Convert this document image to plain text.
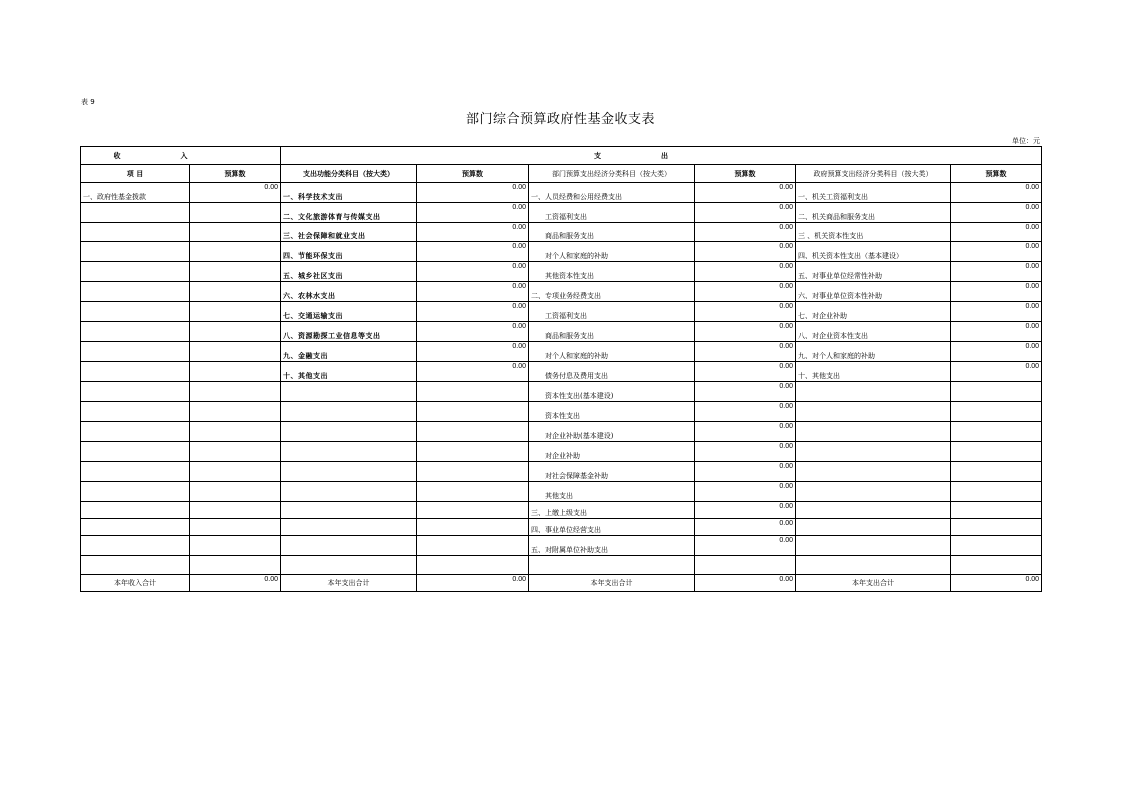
表 9
部门综合预算政府性基金收支表
单位：元
收入		支出					
项 目	预算数	支出功能分类科目（按大类）	预算数	部门预算支出经济分类科目（按大类）	预算数	政府预算支出经济分类科目（按大类）	预算数
一、政府性基金拨款	0.00	一、科学技术支出	0.00	一、人员经费和公用经费支出	0.00	一、机关工资福利支出	0.00
		二、文化旅游体育与传媒支出	0.00	工资福利支出	0.00	二、机关商品和服务支出	0.00
		三、社会保障和就业支出	0.00	商品和服务支出	0.00	三 、机关资本性支出	0.00
		四、节能环保支出	0.00	对个人和家庭的补助	0.00	四、机关资本性支出（基本建设）	0.00
		五、城乡社区支出	0.00	其他资本性支出	0.00	五、对事业单位经常性补助	0.00
		六、农林水支出	0.00	二、专项业务经费支出	0.00	六、对事业单位资本性补助	0.00
		七、交通运输支出	0.00	工资福利支出	0.00	七、对企业补助	0.00
		八、资源勘探工业信息等支出	0.00	商品和服务支出	0.00	八、对企业资本性支出	0.00
		九、金融支出	0.00	对个人和家庭的补助	0.00	九、对个人和家庭的补助	0.00
		十、其他支出	0.00	债务付息及费用支出	0.00	十、其他支出	0.00
				资本性支出(基本建设)	0.00		
				资本性支出	0.00		
				对企业补助(基本建设)	0.00		
				对企业补助	0.00		
				对社会保障基金补助	0.00		
				其他支出	0.00		
				三、上缴上级支出	0.00		
				四、事业单位经营支出	0.00		
				五、对附属单位补助支出	0.00		

本年收入合计	0.00	本年支出合计	0.00	本年支出合计	0.00	本年支出合计	0.00
